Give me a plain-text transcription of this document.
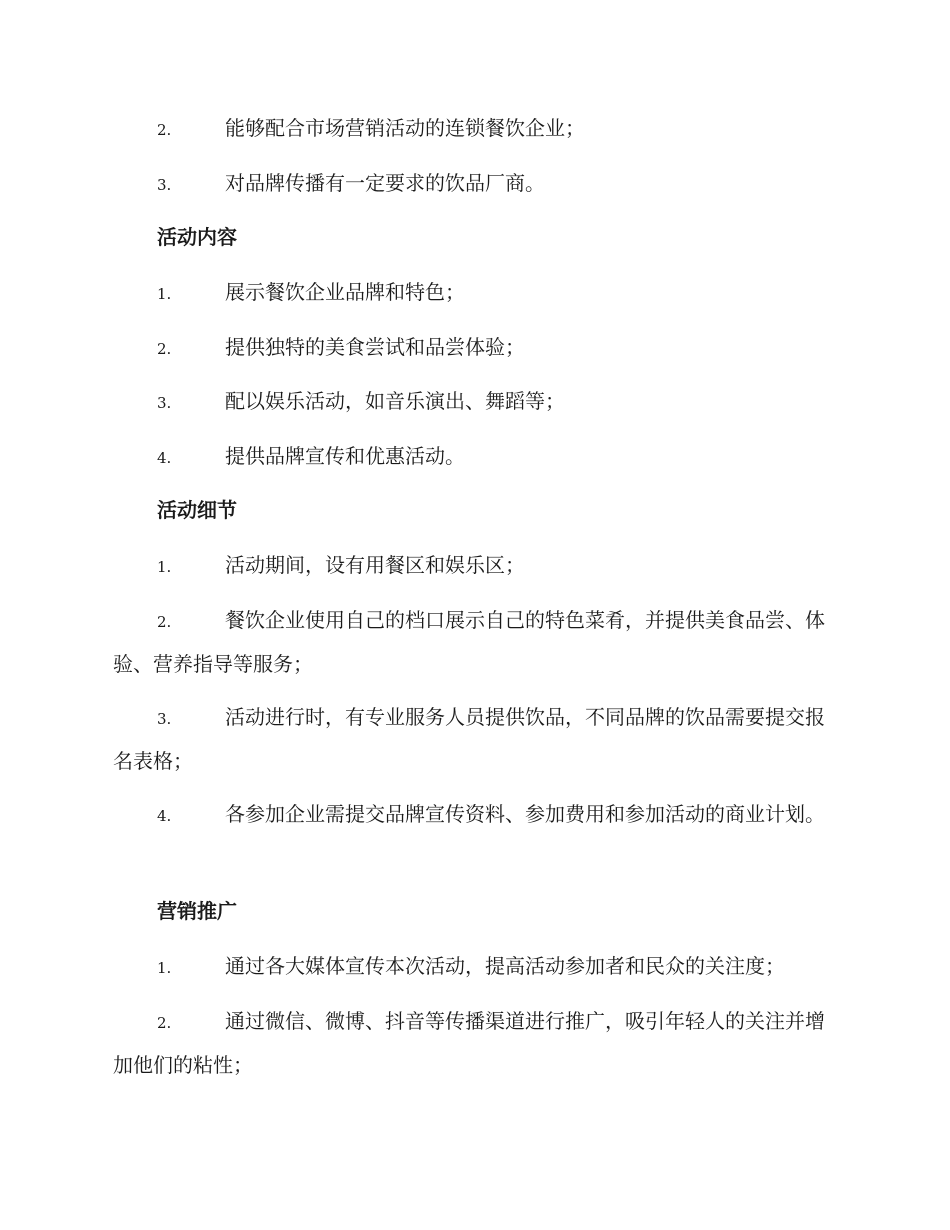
2.	能够配合市场营销活动的连锁餐饮企业；

3.	对品牌传播有一定要求的饮品厂商。

活动内容

1.	展示餐饮企业品牌和特色；

2.	提供独特的美食尝试和品尝体验；

3.	配以娱乐活动，如音乐演出、舞蹈等；

4.	提供品牌宣传和优惠活动。

活动细节

1.	活动期间，设有用餐区和娱乐区；

2.	餐饮企业使用自己的档口展示自己的特色菜肴，并提供美食品尝、体验、营养指导等服务；

3.	活动进行时，有专业服务人员提供饮品，不同品牌的饮品需要提交报名表格；

4.	各参加企业需提交品牌宣传资料、参加费用和参加活动的商业计划。

营销推广

1.	通过各大媒体宣传本次活动，提高活动参加者和民众的关注度；

2.	通过微信、微博、抖音等传播渠道进行推广，吸引年轻人的关注并增加他们的粘性；
